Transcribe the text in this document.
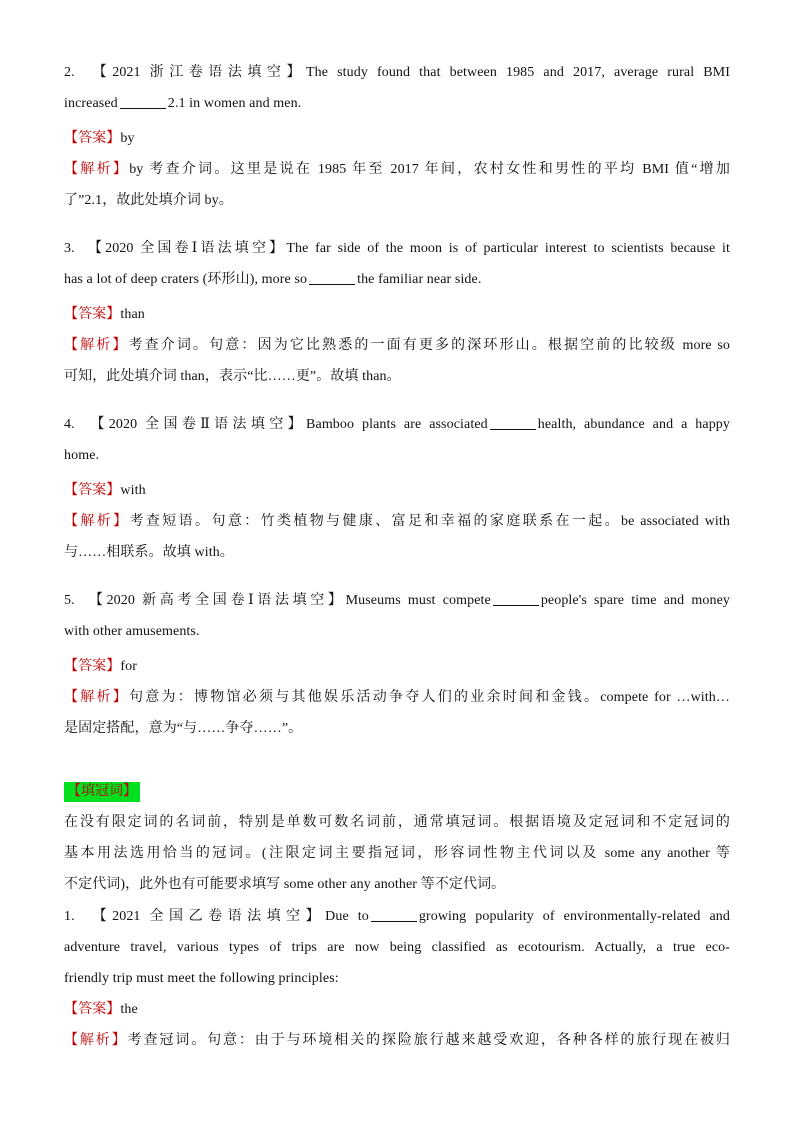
2.　【2021 浙江卷语法填空】The study found that between 1985 and 2017, average rural BMI
increased	2.1 in women and men.
【答案】by
【解析】by 考查介词。这里是说在 1985 年至 2017 年间，农村女性和男性的平均 BMI 值“增加
了”2.1，故此处填介词 by。
3.　【2020 全国卷Ⅰ语法填空】The far side of the moon is of particular interest to scientists because it
has a lot of deep craters (环形山), more so	the familiar near side.
【答案】than
【解析】考查介词。句意：因为它比熟悉的一面有更多的深环形山。根据空前的比较级 more so
可知，此处填介词 than，表示“比……更”。故填 than。
4.　【2020 全国卷Ⅱ语法填空】Bamboo plants are associated	health, abundance and a happy
home.
【答案】with
【解析】考查短语。句意：竹类植物与健康、富足和幸福的家庭联系在一起。be associated with
与……相联系。故填 with。
5.　【2020 新高考全国卷Ⅰ语法填空】Museums must compete	people's spare time and money
with other amusements.
【答案】for
【解析】句意为：博物馆必须与其他娱乐活动争夺人们的业余时间和金钱。compete for …with…
是固定搭配，意为“与……争夺……”。
【填冠词】
在没有限定词的名词前，特别是单数可数名词前，通常填冠词。根据语境及定冠词和不定冠词的
基本用法选用恰当的冠词。(注限定词主要指冠词，形容词性物主代词以及 some any another 等
不定代词)，此外也有可能要求填写 some other any another 等不定代词。
1.　【2021 全国乙卷语法填空】Due to	growing popularity of environmentally-related and
adventure travel, various types of trips are now being classified as ecotourism. Actually, a true eco-
friendly trip must meet the following principles:
【答案】the
【解析】考查冠词。句意：由于与环境相关的探险旅行越来越受欢迎，各种各样的旅行现在被归
